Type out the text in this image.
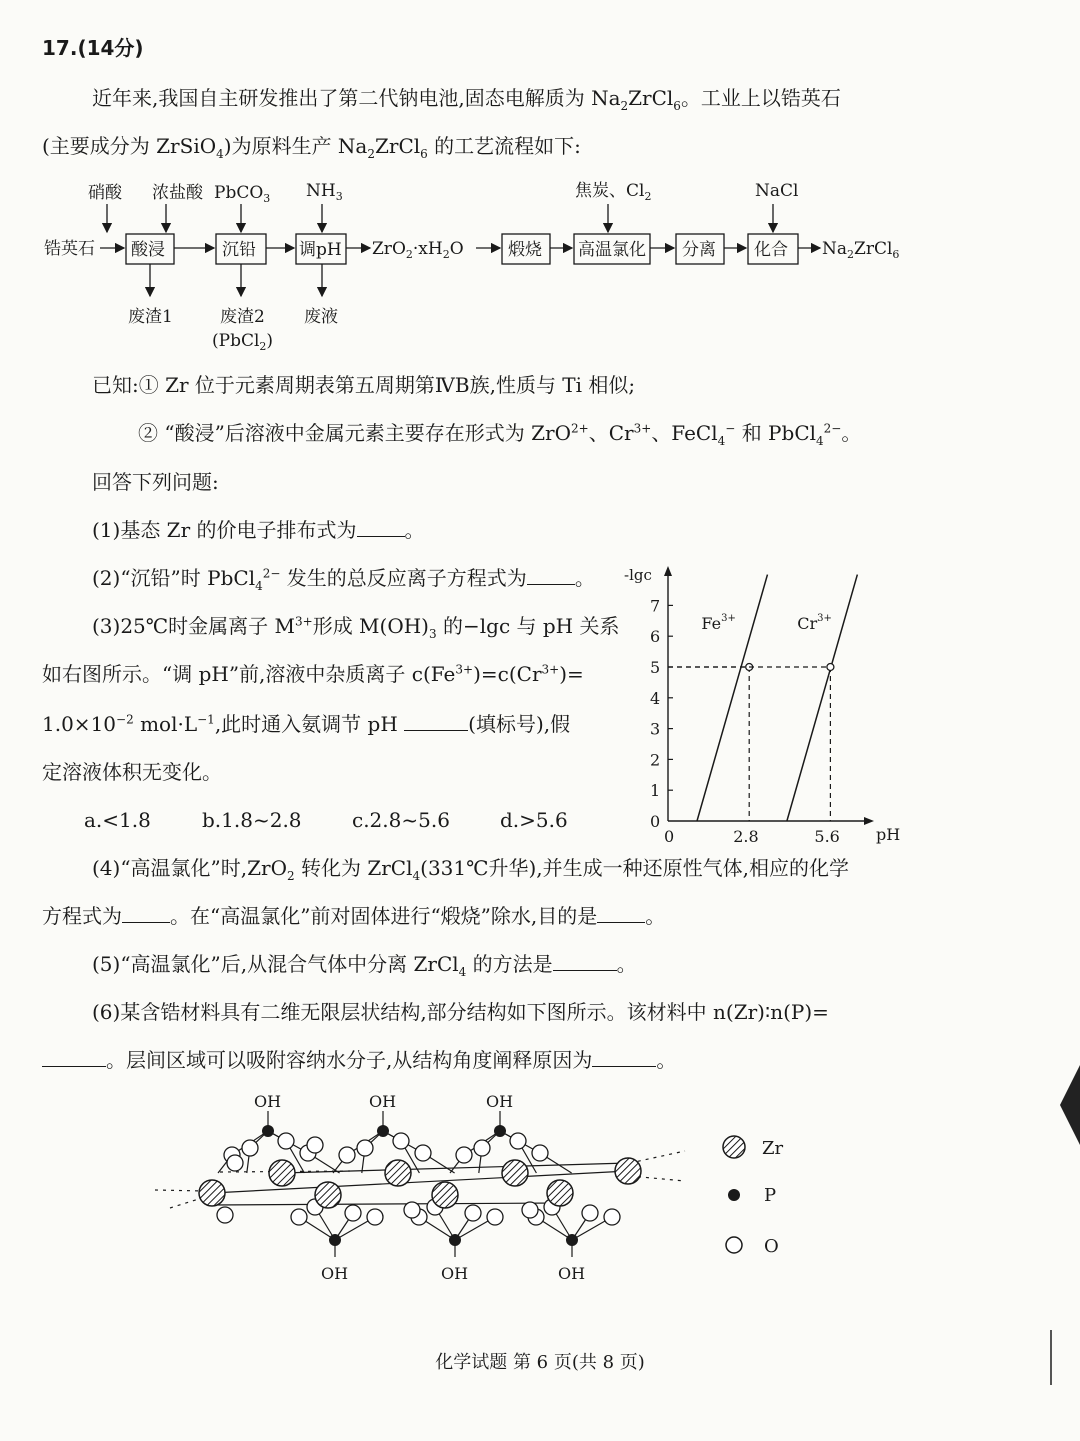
17.(14分)
近年来,我国自主研发推出了第二代钠电池,固态电解质为 $Na_2ZrCl_6$。工业上以锆英石
(主要成分为 ZrSiO$_4$)为原料生产 $Na_2ZrCl_6$ 的工艺流程如下:
硝酸 浓盐酸 PbCO$_3$ $NH_3$	焦炭、$Cl_2$	NaCl
锆英石 酸浸	沉铅	调pH $ZrO_2\cdot xH_2O$	煅烧 高温氯化 分离 化合 $Na_2ZrCl_6$
废渣1	废渣2
(PbCl$_2$)
废液
已知:① Zr 位于元素周期表第五周期第ⅣB族,性质与 Ti 相似;
② “酸浸”后溶液中金属元素主要存在形式为 ZrO$^{2+}$、$Cr^{3+}$、FeCl$_4$− 和 PbCl$_4^{2-}$。
回答下列问题:
(1)基态 Zr 的价电子排布式为 。
(2)“沉铅”时 PbCl$_4^{2-}$ 发生的总反应离子方程式为 。
(3)25℃时金属离子 $M^{3+}$形成 $M(OH)_3$ 的−lgc 与 pH 关系
如右图所示。“调 pH”前,溶液中杂质离子 $c(Fe^{3+})=c(Cr^{3+})=$
$1.0\times 10^{-2}$ $mol\cdot L^{-1}$,此时通入氨调节 pH	(填标号),假
定溶液体积无变化。
a.<1.8	b.1.8~2.8	c.2.8~5.6	d.>5.6
-lgc
pH
0
1
2
3
4
5
6
7
0	2.8	5.6
$Fe^{3+}$	$Cr^{3+}$
(4)“高温氯化”时,ZrO$_2$ 转化为 ZrCl$_4$(331℃升华),并生成一种还原性气体,相应的化学
方程式为 。在“高温氯化”前对固体进行“煅烧”除水,目的是 。
(5)“高温氯化”后,从混合气体中分离 ZrCl$_4$ 的方法是	。
(6)某含锆材料具有二维无限层状结构,部分结构如下图所示。该材料中 n(Zr)∶n(P)=
。层间区域可以吸附容纳水分子,从结构角度阐释原因为	。
OH	OH	OH
OH	OH	OH
Zr
P
O
化学试题 第 6 页(共 8 页)
